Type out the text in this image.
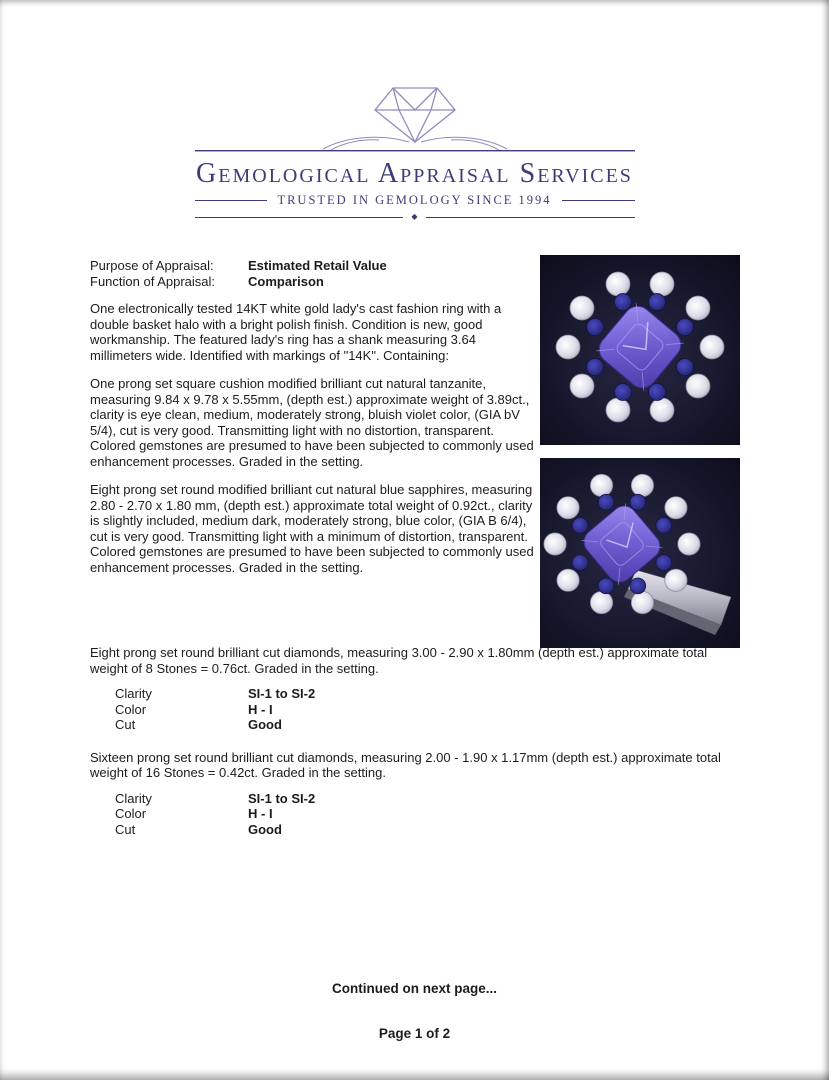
Gemological Appraisal Services
TRUSTED IN GEMOLOGY SINCE 1994
◆
Purpose of Appraisal:	Estimated Retail Value
Function of Appraisal:	Comparison

One electronically tested 14KT white gold lady's cast fashion ring with a double basket halo with a bright polish finish. Condition is new, good workmanship. The featured lady's ring has a shank measuring 3.64 millimeters wide. Identified with markings of "14K". Containing:

One prong set square cushion modified brilliant cut natural tanzanite, measuring 9.84 x 9.78 x 5.55mm, (depth est.) approximate weight of 3.89ct., clarity is eye clean, medium, moderately strong, bluish violet color, (GIA bV 5/4), cut is very good. Transmitting light with no distortion, transparent. Colored gemstones are presumed to have been subjected to commonly used enhancement processes. Graded in the setting.

Eight prong set round modified brilliant cut natural blue sapphires, measuring 2.80 - 2.70 x 1.80 mm, (depth est.) approximate total weight of 0.92ct., clarity is slightly included, medium dark, moderately strong, blue color, (GIA B 6/4), cut is very good. Transmitting light with a minimum of distortion, transparent. Colored gemstones are presumed to have been subjected to commonly used enhancement processes. Graded in the setting.

Eight prong set round brilliant cut diamonds, measuring 3.00 - 2.90 x 1.80mm (depth est.) approximate total weight of 8 Stones = 0.76ct. Graded in the setting.

Clarity	SI-1 to SI-2
Color	H - I
Cut	Good

Sixteen prong set round brilliant cut diamonds, measuring 2.00 - 1.90 x 1.17mm (depth est.) approximate total weight of 16 Stones = 0.42ct. Graded in the setting.

Clarity	SI-1 to SI-2
Color	H - I
Cut	Good
Continued on next page...
Page 1 of 2
